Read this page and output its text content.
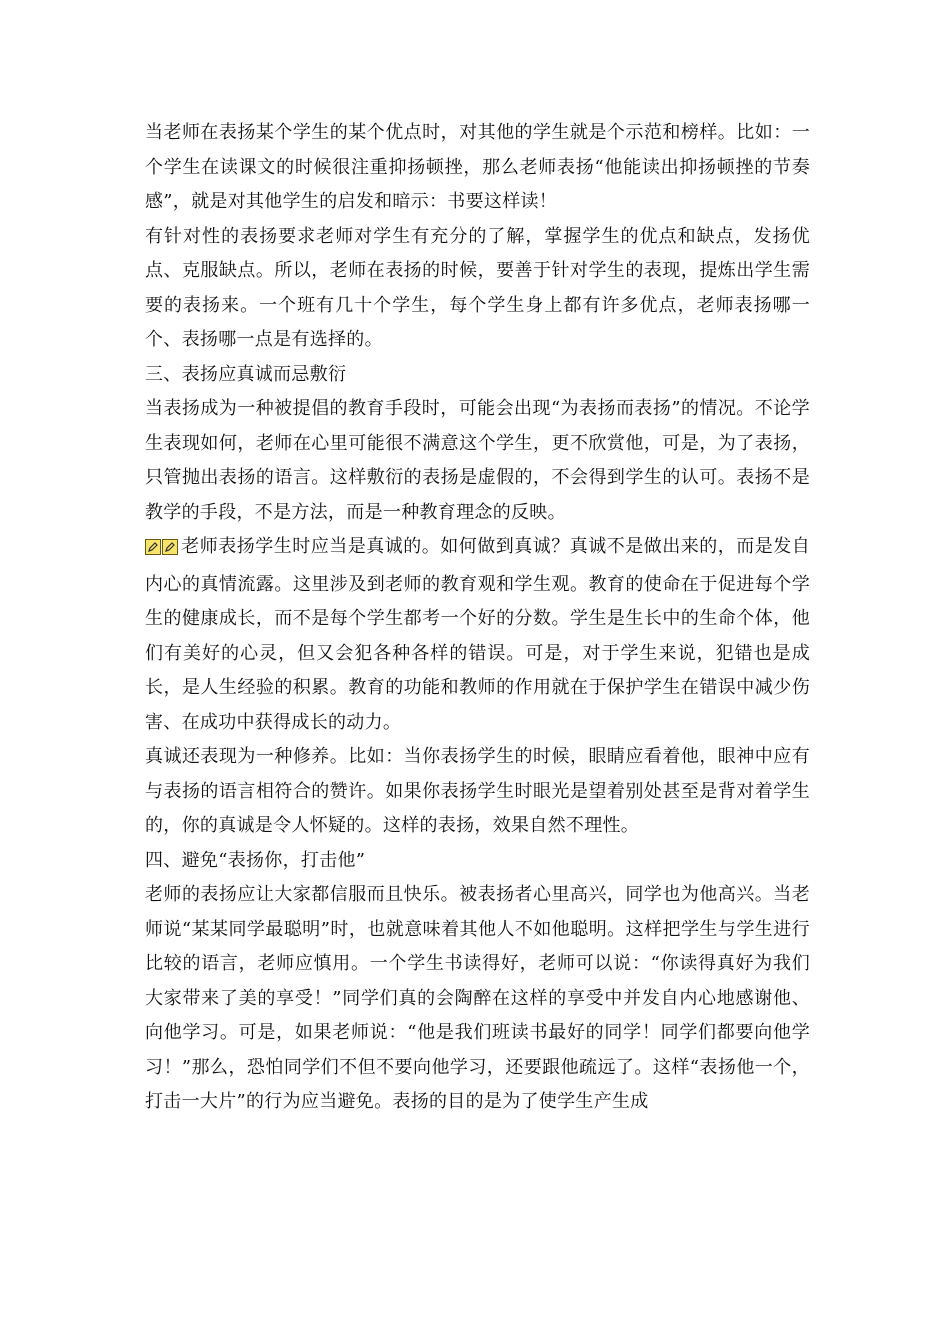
当老师在表扬某个学生的某个优点时，对其他的学生就是个示范和榜样。比如：一个学生在读课文的时候很注重抑扬顿挫，那么老师表扬“他能读出抑扬顿挫的节奏感”，就是对其他学生的启发和暗示：书要这样读！

有针对性的表扬要求老师对学生有充分的了解，掌握学生的优点和缺点，发扬优点、克服缺点。所以，老师在表扬的时候，要善于针对学生的表现，提炼出学生需要的表扬来。一个班有几十个学生，每个学生身上都有许多优点，老师表扬哪一个、表扬哪一点是有选择的。

三、表扬应真诚而忌敷衍

当表扬成为一种被提倡的教育手段时，可能会出现“为表扬而表扬”的情况。不论学生表现如何，老师在心里可能很不满意这个学生，更不欣赏他，可是，为了表扬，只管抛出表扬的语言。这样敷衍的表扬是虚假的，不会得到学生的认可。表扬不是教学的手段，不是方法，而是一种教育理念的反映。

老师表扬学生时应当是真诚的。如何做到真诚？真诚不是做出来的，而是发自内心的真情流露。这里涉及到老师的教育观和学生观。教育的使命在于促进每个学生的健康成长，而不是每个学生都考一个好的分数。学生是生长中的生命个体，他们有美好的心灵，但又会犯各种各样的错误。可是，对于学生来说，犯错也是成长，是人生经验的积累。教育的功能和教师的作用就在于保护学生在错误中减少伤害、在成功中获得成长的动力。

真诚还表现为一种修养。比如：当你表扬学生的时候，眼睛应看着他，眼神中应有与表扬的语言相符合的赞许。如果你表扬学生时眼光是望着别处甚至是背对着学生的，你的真诚是令人怀疑的。这样的表扬，效果自然不理性。

四、避免“表扬你，打击他”

老师的表扬应让大家都信服而且快乐。被表扬者心里高兴，同学也为他高兴。当老师说“某某同学最聪明”时，也就意味着其他人不如他聪明。这样把学生与学生进行比较的语言，老师应慎用。一个学生书读得好，老师可以说：“你读得真好为我们大家带来了美的享受！”同学们真的会陶醉在这样的享受中并发自内心地感谢他、向他学习。可是，如果老师说：“他是我们班读书最好的同学！同学们都要向他学习！”那么，恐怕同学们不但不要向他学习，还要跟他疏远了。这样“表扬他一个，打击一大片”的行为应当避免。表扬的目的是为了使学生产生成
